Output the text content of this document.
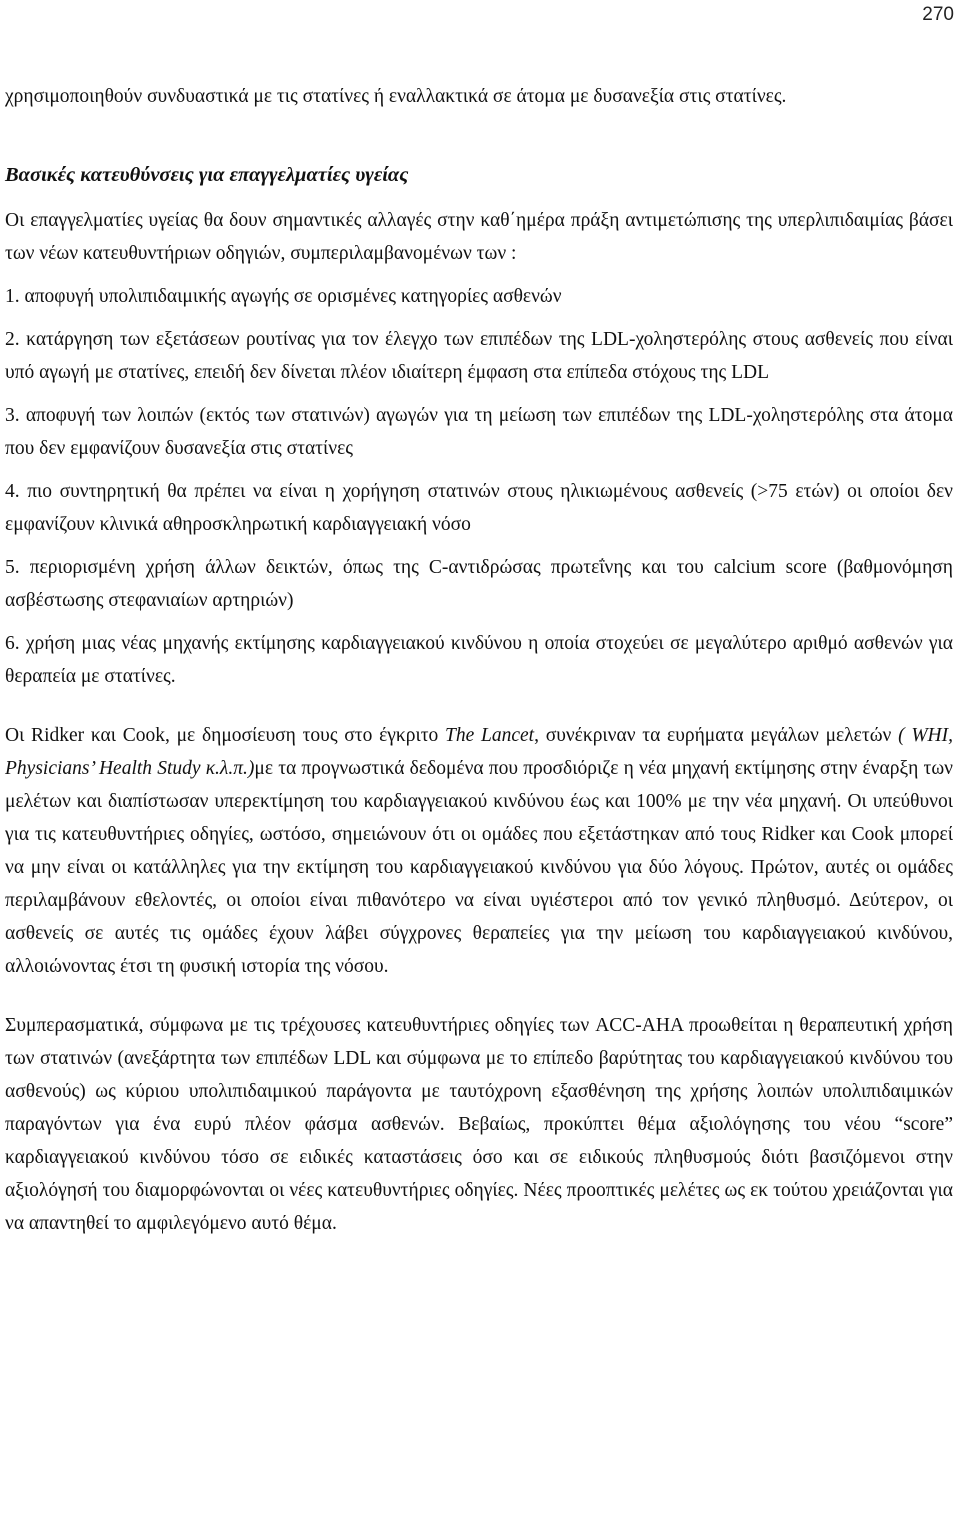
270

χρησιμοποιηθούν συνδυαστικά με τις στατίνες ή εναλλακτικά σε άτομα με δυσανεξία στις στατίνες.

Βασικές κατευθύνσεις για επαγγελματίες υγείας

Οι επαγγελματίες υγείας θα δουν σημαντικές αλλαγές στην καθ΄ημέρα πράξη αντιμετώπισης της υπερλιπιδαιμίας βάσει των νέων κατευθυντήριων οδηγιών, συμπεριλαμβανομένων των :

1. αποφυγή υπολιπιδαιμικής αγωγής σε ορισμένες κατηγορίες ασθενών

2. κατάργηση των εξετάσεων ρουτίνας για τον έλεγχο των επιπέδων της LDL-χοληστερόλης στους ασθενείς που είναι υπό αγωγή με στατίνες, επειδή δεν δίνεται πλέον ιδιαίτερη έμφαση στα επίπεδα στόχους της LDL

3. αποφυγή των λοιπών (εκτός των στατινών) αγωγών για τη μείωση των επιπέδων της LDL-χοληστερόλης στα άτομα που δεν εμφανίζουν δυσανεξία στις στατίνες

4. πιο συντηρητική θα πρέπει να είναι η χορήγηση στατινών στους ηλικιωμένους ασθενείς (>75 ετών) οι οποίοι δεν εμφανίζουν κλινικά αθηροσκληρωτική καρδιαγγειακή νόσο

5. περιορισμένη χρήση άλλων δεικτών, όπως της C-αντιδρώσας πρωτεΐνης και του calcium score (βαθμονόμηση ασβέστωσης στεφανιαίων αρτηριών)

6. χρήση μιας νέας μηχανής εκτίμησης καρδιαγγειακού κινδύνου η οποία στοχεύει σε μεγαλύτερο αριθμό ασθενών για θεραπεία με στατίνες.

Οι Ridker και Cook, με δημοσίευση τους στο έγκριτο The Lancet, συνέκριναν τα ευρήματα μεγάλων μελετών ( WHI, Physicians’ Health Study κ.λ.π.)με τα προγνωστικά δεδομένα που προσδιόριζε η νέα μηχανή εκτίμησης στην έναρξη των μελέτων και διαπίστωσαν υπερεκτίμηση του καρδιαγγειακού κινδύνου έως και 100% με την νέα μηχανή. Οι υπεύθυνοι για τις κατευθυντήριες οδηγίες, ωστόσο, σημειώνουν ότι οι ομάδες που εξετάστηκαν από τους Ridker και Cook μπορεί να μην είναι οι κατάλληλες για την εκτίμηση του καρδιαγγειακού κινδύνου για δύο λόγους. Πρώτον, αυτές οι ομάδες περιλαμβάνουν εθελοντές, οι οποίοι είναι πιθανότερο να είναι υγιέστεροι από τον γενικό πληθυσμό. Δεύτερον, οι ασθενείς σε αυτές τις ομάδες έχουν λάβει σύγχρονες θεραπείες για την μείωση του καρδιαγγειακού κινδύνου, αλλοιώνοντας έτσι τη φυσική ιστορία της νόσου.

Συμπερασματικά, σύμφωνα με τις τρέχουσες κατευθυντήριες οδηγίες των ACC-AHA προωθείται η θεραπευτική χρήση των στατινών (ανεξάρτητα των επιπέδων LDL και σύμφωνα με το επίπεδο βαρύτητας του καρδιαγγειακού κινδύνου του ασθενούς) ως κύριου υπολιπιδαιμικού παράγοντα με ταυτόχρονη εξασθένηση της χρήσης λοιπών υπολιπιδαιμικών παραγόντων για ένα ευρύ πλέον φάσμα ασθενών. Βεβαίως, προκύπτει θέμα αξιολόγησης του νέου “score” καρδιαγγειακού κινδύνου τόσο σε ειδικές καταστάσεις όσο και σε ειδικούς πληθυσμούς διότι βασιζόμενοι στην αξιολόγησή του διαμορφώνονται οι νέες κατευθυντήριες οδηγίες. Νέες προοπτικές μελέτες ως εκ τούτου χρειάζονται για να απαντηθεί το αμφιλεγόμενο αυτό θέμα.
